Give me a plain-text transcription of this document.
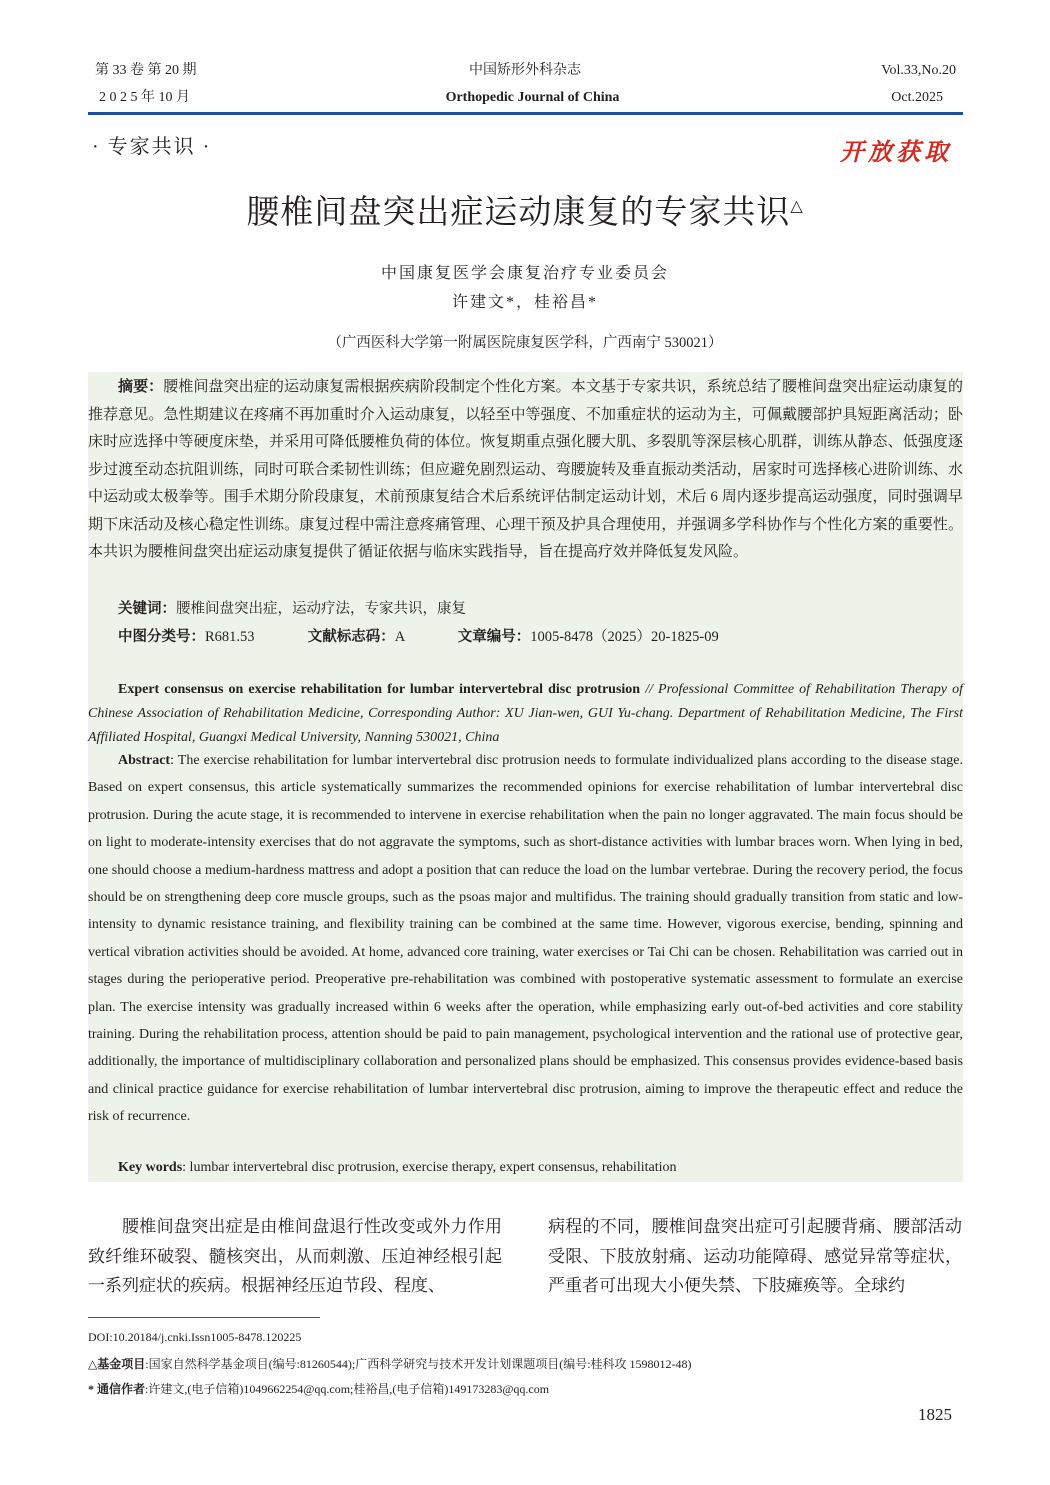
第 33 卷 第 20 期
2 0 2 5 年 10 月
中国矫形外科杂志
Orthopedic Journal of China
Vol.33,No.20
Oct.2025
· 专家共识 ·	开放获取
腰椎间盘突出症运动康复的专家共识△
中国康复医学会康复治疗专业委员会
许建文*，桂裕昌*
（广西医科大学第一附属医院康复医学科，广西南宁 530021）
摘要：腰椎间盘突出症的运动康复需根据疾病阶段制定个性化方案。本文基于专家共识，系统总结了腰椎间盘突出症运动康复的推荐意见。急性期建议在疼痛不再加重时介入运动康复，以轻至中等强度、不加重症状的运动为主，可佩戴腰部护具短距离活动；卧床时应选择中等硬度床垫，并采用可降低腰椎负荷的体位。恢复期重点强化腰大肌、多裂肌等深层核心肌群，训练从静态、低强度逐步过渡至动态抗阻训练，同时可联合柔韧性训练；但应避免剧烈运动、弯腰旋转及垂直振动类活动，居家时可选择核心进阶训练、水中运动或太极拳等。围手术期分阶段康复，术前预康复结合术后系统评估制定运动计划，术后 6 周内逐步提高运动强度，同时强调早期下床活动及核心稳定性训练。康复过程中需注意疼痛管理、心理干预及护具合理使用，并强调多学科协作与个性化方案的重要性。本共识为腰椎间盘突出症运动康复提供了循证依据与临床实践指导，旨在提高疗效并降低复发风险。
关键词：腰椎间盘突出症，运动疗法，专家共识，康复
中图分类号：R681.53	文献标志码：A	文章编号：1005-8478（2025）20-1825-09
Expert consensus on exercise rehabilitation for lumbar intervertebral disc protrusion // Professional Committee of Rehabilitation Therapy of Chinese Association of Rehabilitation Medicine, Corresponding Author: XU Jian-wen, GUI Yu-chang. Department of Rehabilitation Medicine, The First Affiliated Hospital, Guangxi Medical University, Nanning 530021, China
Abstract: The exercise rehabilitation for lumbar intervertebral disc protrusion needs to formulate individualized plans according to the disease stage. Based on expert consensus, this article systematically summarizes the recommended opinions for exercise rehabilitation of lumbar intervertebral disc protrusion. During the acute stage, it is recommended to intervene in exercise rehabilitation when the pain no longer aggravated. The main focus should be on light to moderate-intensity exercises that do not aggravate the symptoms, such as short-distance activities with lumbar braces worn. When lying in bed, one should choose a medium-hardness mattress and adopt a position that can reduce the load on the lumbar vertebrae. During the recovery period, the focus should be on strengthening deep core muscle groups, such as the psoas major and multifidus. The training should gradually transition from static and low-intensity to dynamic resistance training, and flexibility training can be combined at the same time. However, vigorous exercise, bending, spinning and vertical vibration activities should be avoided. At home, advanced core training, water exercises or Tai Chi can be chosen. Rehabilitation was carried out in stages during the perioperative period. Preoperative pre-rehabilitation was combined with postoperative systematic assessment to formulate an exercise plan. The exercise intensity was gradually increased within 6 weeks after the operation, while emphasizing early out-of-bed activities and core stability training. During the rehabilitation process, attention should be paid to pain management, psychological intervention and the rational use of protective gear, additionally, the importance of multidisciplinary collaboration and personalized plans should be emphasized. This consensus provides evidence-based basis and clinical practice guidance for exercise rehabilitation of lumbar intervertebral disc protrusion, aiming to improve the therapeutic effect and reduce the risk of recurrence.
Key words: lumbar intervertebral disc protrusion, exercise therapy, expert consensus, rehabilitation
腰椎间盘突出症是由椎间盘退行性改变或外力作用致纤维环破裂、髓核突出，从而刺激、压迫神经根引起一系列症状的疾病。根据神经压迫节段、程度、
病程的不同，腰椎间盘突出症可引起腰背痛、腰部活动受限、下肢放射痛、运动功能障碍、感觉异常等症状，严重者可出现大小便失禁、下肢瘫痪等。全球约
DOI:10.20184/j.cnki.Issn1005-8478.120225
△基金项目:国家自然科学基金项目(编号:81260544);广西科学研究与技术开发计划课题项目(编号:桂科攻 1598012-48)
* 通信作者:许建文,(电子信箱)1049662254@qq.com;桂裕昌,(电子信箱)149173283@qq.com
1825
